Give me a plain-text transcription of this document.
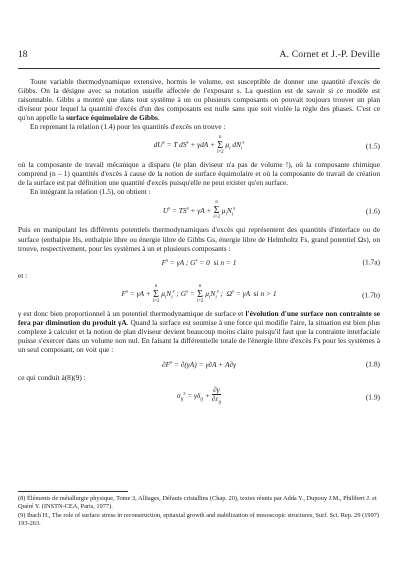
18	A. Cornet et J.-P. Deville

Toute variable thermodynamique extensive, hormis le volume, est susceptible de donner une quantité d'excès de Gibbs. On la désigne avec sa notation usuelle affectée de l'exposant s. La question est de savoir si ce modèle est raisonnable. Gibbs a montré que dans tout système à un ou plusieurs composants on pouvait toujours trouver un plan diviseur pour lequel la quantité d'excès d'un des composants est nulle sans que soit violée la règle des phases. C'est ce qu'on appelle la surface équimolaire de Gibbs.

En reprenant la relation (1.4) pour les quantités d'excès on trouve :

$dU^s = T$ $dS^s + \gamma dA + n$
Σ
i=2 $\mu_i$ $dN_i^s$	(1.5)

où la composante de travail mécanique a disparu (le plan diviseur n'a pas de volume !), où la composante chimique comprend (n – 1) quantités d'excès à cause de la notion de surface équimolaire et où la composante de travail de création de la surface est par définition une quantité d'excès puisqu'elle ne peut exister qu'en surface.

En intégrant la relation (1.5), on obtient :

$U^s = TS^s + \gamma A + n$
Σ
i=2 $\mu_iN_i^s$	(1.6)

Puis en manipulant les différents potentiels thermodynamiques d'excès qui représentent des quantités d'interface ou de surface (enthalpie Hs, enthalpie libre ou énergie libre de Gibbs Gs, énergie libre de Helmholtz Fs, grand potentiel Ωs), on trouve, respectivement, pour les systèmes à un et plusieurs composants :

$F^s = \gamma A$ ; $G^s = 0$  si n = 1	(1.7a)

et :

$F^s = \gamma A + n$
Σ
i=2 $\mu_iN_i^s$ ; $G^s = n$
Σ
i=2 $\mu_iN_i^s$ ;  $\Omega^s = \gamma A$  si n > 1	(1.7b)

γ est donc bien proportionnel à un potentiel thermodynamique de surface et l'évolution d'une surface non contrainte se fera par diminution du produit γA. Quand la surface est soumise à une force qui modifie l'aire, la situation est bien plus complexe à calculer et la notion de plan diviseur devient beaucoup moins claire puisqu'il faut que la contrainte interfaciale puisse s'exercer dans un volume non nul. En faisant la différentielle totale de l'énergie libre d'excès Fs pour les systèmes à un seul composant, on voit que :

$\partial F^s = \partial(\gamma A) = \gamma\partial A + A\partial\gamma$	(1.8)

ce qui conduit à(8)(9) :

$\sigma_{ij}^s = \gamma\delta_{ij} + \frac{\partial\gamma}{\partial\varepsilon_{ij}}$	(1.9)

(8) Éléments de métallurgie physique, Tome 3, Alliages, Défauts cristallins (Chap. 20), textes réunis par Adda Y., Dupouy J.M., Philibert J. et Quéré Y. (INSTN-CEA, Paris, 1977).

(9) Ibach H., The role of surface stress in reconstruction, epitaxial growth and stabilization of mesoscopic structures, Surf. Sci. Rep. 29 (1997) 193-263.
